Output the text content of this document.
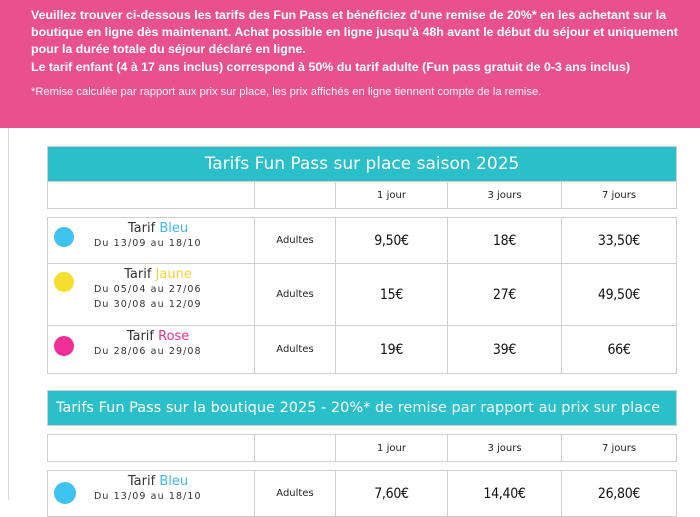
Veuillez trouver ci-dessous les tarifs des Fun Pass et bénéficiez d'une remise de 20%* en les achetant sur la

boutique en ligne dès maintenant. Achat possible en ligne jusqu'à 48h avant le début du séjour et uniquement

pour la durée totale du séjour déclaré en ligne.

Le tarif enfant (4 à 17 ans inclus) correspond à 50% du tarif adulte (Fun pass gratuit de 0-3 ans inclus)

*Remise calculée par rapport aux prix sur place, les prix affichés en ligne tiennent compte de la remise.
Tarifs Fun Pass sur place saison 2025				
		1 jour	3 jours	7 jours

Tarif Bleu
Du 13/09 au 18/10	Adultes	9,50€	18€	33,50€

Tarif Jaune
Du 05/04 au 27/06
Du 30/08 au 12/09	Adultes	15€	27€	49,50€

Tarif Rose
Du 28/06 au 29/08	Adultes	19€	39€	66€
Tarifs Fun Pass sur la boutique 2025 - 20%* de remise par rapport au prix sur place				

		1 jour	3 jours	7 jours

Tarif Bleu
Du 13/09 au 18/10	Adultes	7,60€	14,40€	26,80€
